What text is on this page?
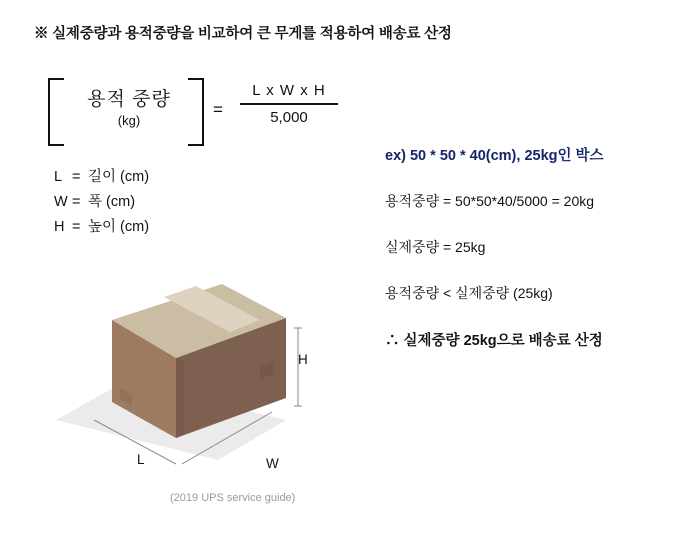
※ 실제중량과 용적중량을 비교하여 큰 무게를 적용하여 배송료 산정
용적 중량
(kg)
=
L x W x H
5,000
L = 길이 (cm)
W = 폭 (cm)
H = 높이 (cm)
L	W
H
(2019 UPS service guide)
ex) 50 * 50 * 40(cm), 25kg인 박스
용적중량 = 50*50*40/5000 = 20kg
실제중량 = 25kg
용적중량 < 실제중량 (25kg)
∴ 실제중량 25kg으로 배송료 산정
